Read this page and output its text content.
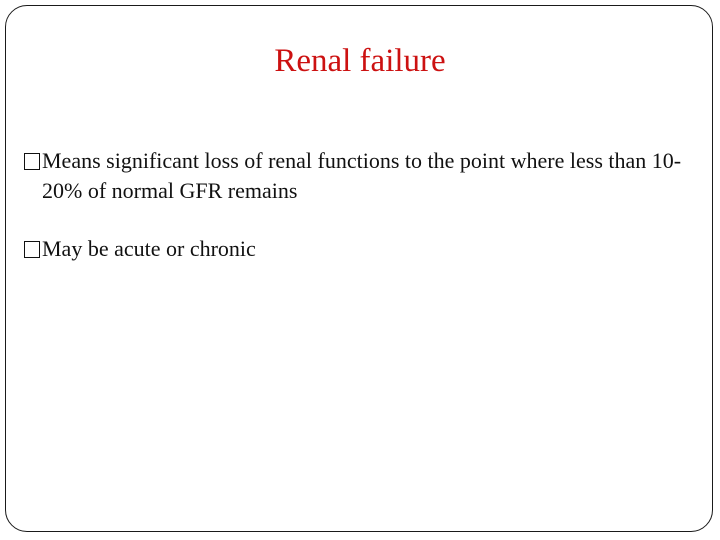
Renal failure
Means significant loss of renal functions to the point where less than 10-20% of normal GFR remains
May be acute or chronic
